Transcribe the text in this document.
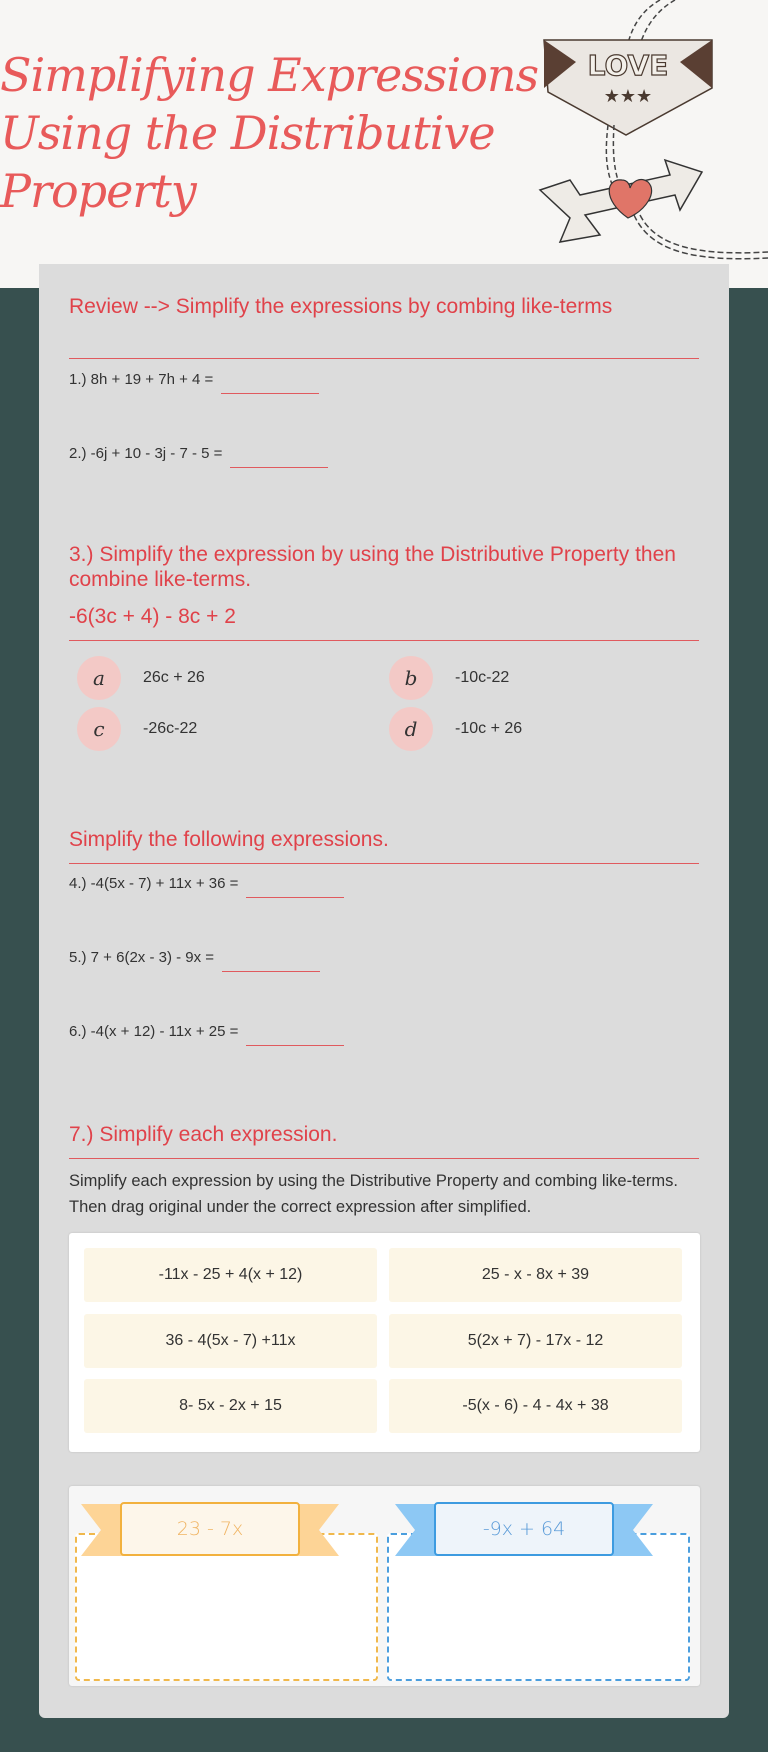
Simplifying Expressions Using the Distributive Property
LOVE
★★★
Review --> Simplify the expressions by combing like-terms
1.) 8h + 19 + 7h + 4 =
2.) -6j + 10 - 3j - 7 - 5 =
3.) Simplify the expression by using the Distributive Property then combine like-terms.
-6(3c + 4) - 8c + 2
a	26c + 26	b	-10c-22
c	-26c-22	d	-10c + 26
Simplify the following expressions.
4.) -4(5x - 7) + 11x + 36 =
5.) 7 + 6(2x - 3) - 9x =
6.) -4(x + 12) - 11x + 25 =
7.) Simplify each expression.
Simplify each expression by using the Distributive Property and combing like-terms. Then drag original under the correct expression after simplified.
-11x - 25 + 4(x + 12)	25 - x - 8x + 39
36 - 4(5x - 7) +11x	5(2x + 7) - 17x - 12
8- 5x - 2x + 15	-5(x - 6) - 4 - 4x + 38
23 - 7x	-9x + 64
